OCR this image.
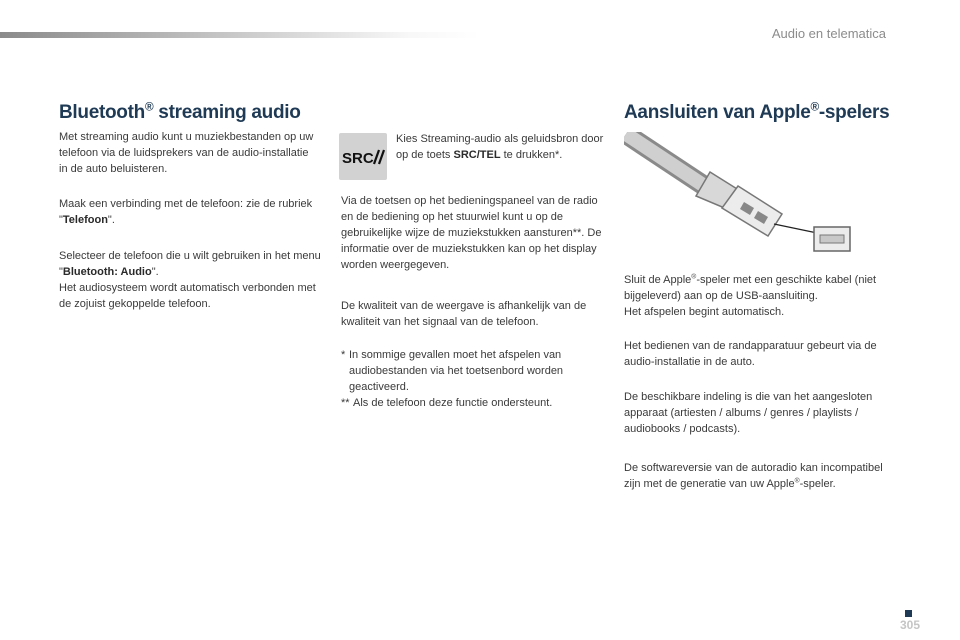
Audio en telematica

Bluetooth® streaming audio

Met streaming audio kunt u muziekbestanden op uw telefoon via de luidsprekers van de audio-installatie in de auto beluisteren.

Maak een verbinding met de telefoon: zie de rubriek "Telefoon".

Selecteer de telefoon die u wilt gebruiken in het menu "Bluetooth: Audio".
Het audiosysteem wordt automatisch verbonden met de zojuist gekoppelde telefoon.

SRC

Kies Streaming-audio als geluidsbron door op de toets SRC/TEL te drukken*.

Via de toetsen op het bedieningspaneel van de radio en de bediening op het stuurwiel kunt u op de gebruikelijke wijze de muziekstukken aansturen**. De informatie over de muziekstukken kan op het display worden weergegeven.

De kwaliteit van de weergave is afhankelijk van de kwaliteit van het signaal van de telefoon.

* In sommige gevallen moet het afspelen van audiobestanden via het toetsenbord worden geactiveerd.

** Als de telefoon deze functie ondersteunt.

Aansluiten van Apple®-spelers

Sluit de Apple®-speler met een geschikte kabel (niet bijgeleverd) aan op de USB-aansluiting.
Het afspelen begint automatisch.

Het bedienen van de randapparatuur gebeurt via de audio-installatie in de auto.

De beschikbare indeling is die van het aangesloten apparaat (artiesten / albums / genres / playlists / audiobooks / podcasts).

De softwareversie van de autoradio kan incompatibel zijn met de generatie van uw Apple®-speler.

305
